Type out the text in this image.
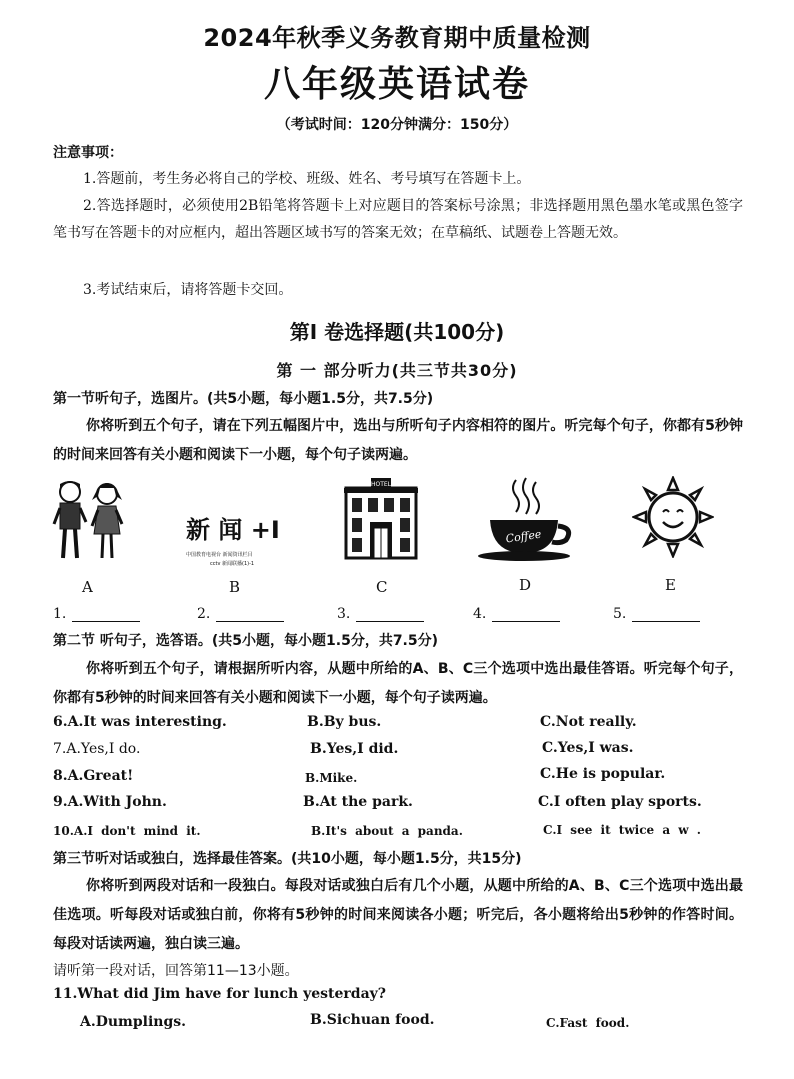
2024年秋季义务教育期中质量检测
八年级英语试卷
（考试时间：120分钟满分：150分）
注意事项：
1.答题前，考生务必将自己的学校、班级、姓名、考号填写在答题卡上。
2.答选择题时，必须使用2B铅笔将答题卡上对应题目的答案标号涂黑；非选择题用黑色墨水笔或黑色签字笔书写在答题卡的对应框内，超出答题区域书写的答案无效；在草稿纸、试题卷上答题无效。
3.考试结束后，请将答题卡交回。
第I 卷选择题(共100分)
第 一 部分听力(共三节共30分)
第一节听句子，选图片。(共5小题，每小题1.5分，共7.5分)
你将听到五个句子，请在下列五幅图片中，选出与所听句子内容相符的图片。听完每个句子，你都有5秒钟的时间来回答有关小题和阅读下一小题，每个句子读两遍。
A
新 闻 +I
中国教育电视台 新闻资讯栏目
cctv 新闻联播(1)-1
B
HOTEL
C
Coffee
D	E
1.	2.	3.	4.	5.
第二节 听句子，选答语。(共5小题，每小题1.5分，共7.5分)
你将听到五个句子，请根据所听内容，从题中所给的A、B、C三个选项中选出最佳答语。听完每个句子，你都有5秒钟的时间来回答有关小题和阅读下一小题，每个句子读两遍。
6.A.It was interesting.	B.By bus.	C.Not really.
7.A.Yes,I do.	B.Yes,I did.	C.Yes,I was.
8.A.Great!	B.Mike.	C.He is popular.
9.A.With John.	B.At the park.	C.I often play sports.
10.A.I don't mind it.	B.It's about a panda.	C.I see it twice a w .
第三节听对话或独白，选择最佳答案。(共10小题，每小题1.5分，共15分)
你将听到两段对话和一段独白。每段对话或独白后有几个小题，从题中所给的A、B、C三个选项中选出最佳选项。听每段对话或独白前，你将有5秒钟的时间来阅读各小题；听完后，各小题将给出5秒钟的作答时间。每段对话读两遍，独白读三遍。
请听第一段对话，回答第11—13小题。
11.What did Jim have for lunch yesterday?
A.Dumplings.	B.Sichuan food.	C.Fast food.
